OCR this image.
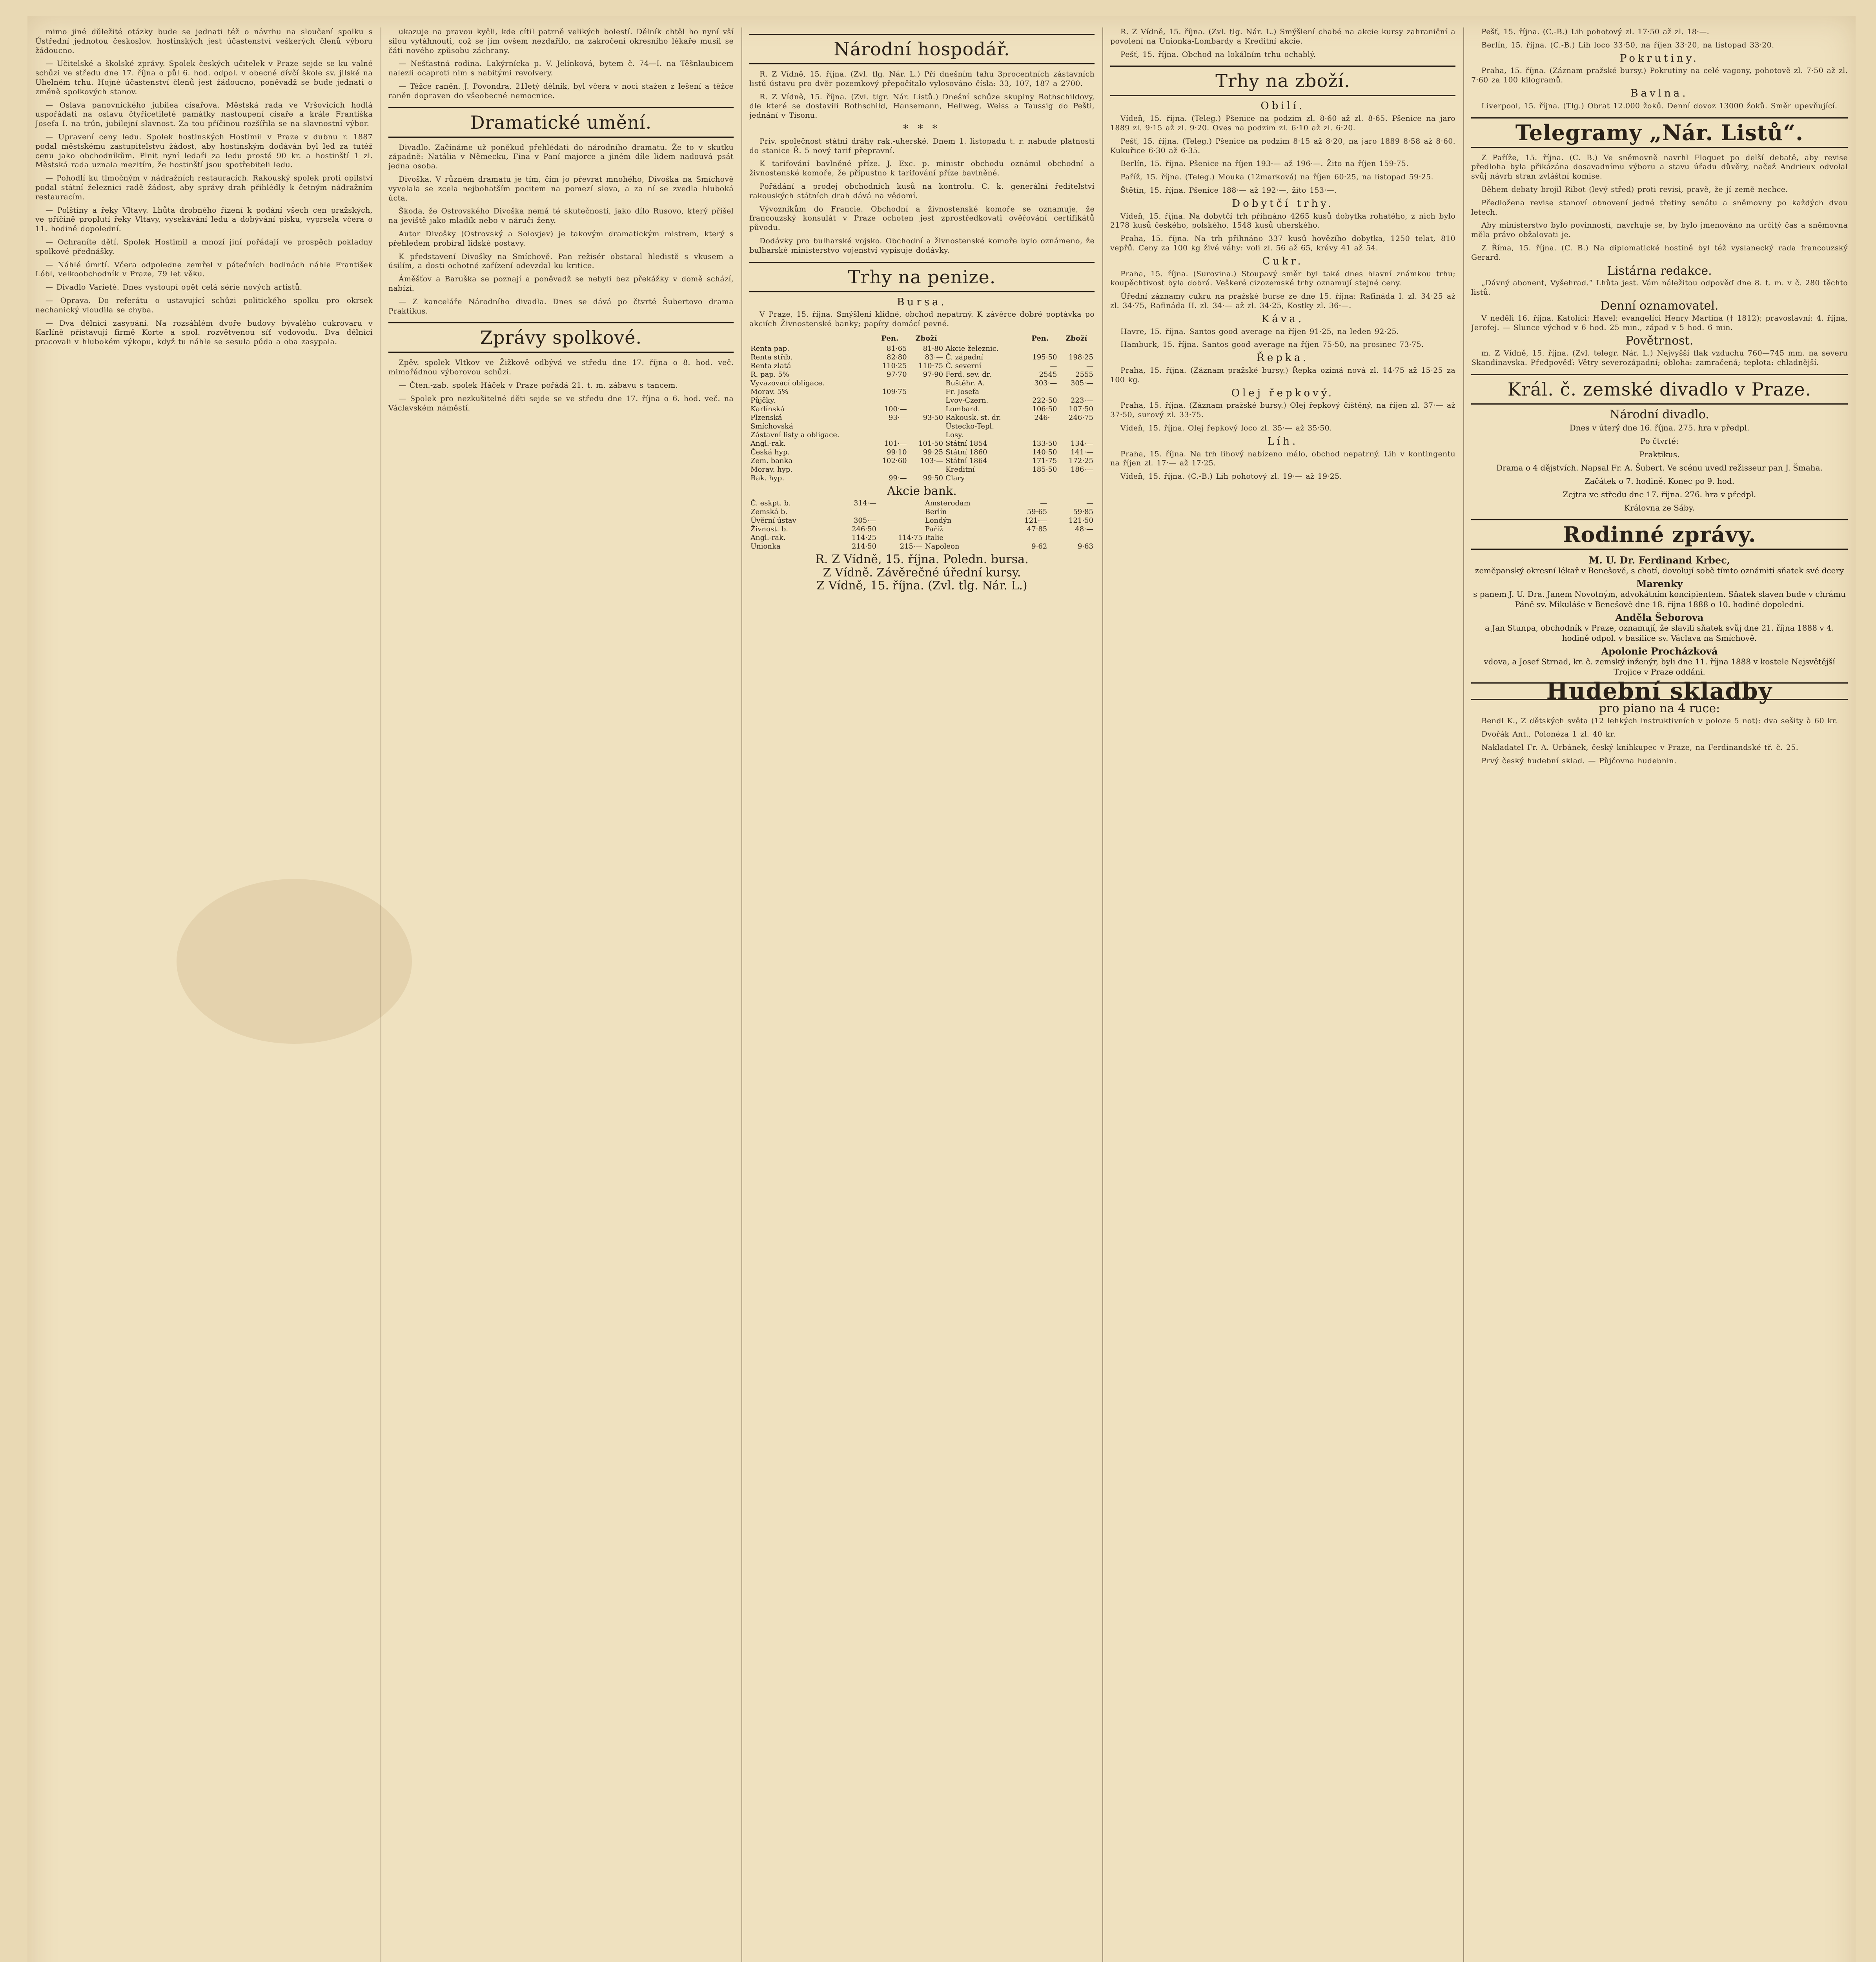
mimo jiné důležité otázky bude se jednati též o návrhu na sloučení spolku s Ústřední jednotou českoslov. hostinských jest účastenství veškerých členů výboru žádoucno.

— Učitelské a školské zprávy. Spolek českých učitelek v Praze sejde se ku valné schůzi ve středu dne 17. října o půl 6. hod. odpol. v obecné dívčí škole sv. jilské na Uhelném trhu. Hojné účastenství členů jest žádoucno, poněvadž se bude jednati o změně spolkových stanov.

— Oslava panovnického jubilea císařova. Městská rada ve Vršovicích hodlá uspořádati na oslavu čtyřicetileté památky nastoupení císaře a krále Františka Josefa I. na trůn, jubilejní slavnost. Za tou příčinou rozšířila se na slavnostní výbor.

— Upravení ceny ledu. Spolek hostinských Hostimil v Praze v dubnu r. 1887 podal městskému zastupitelstvu žádost, aby hostinským dodáván byl led za tutéž cenu jako obchodníkům. Plnit nyní ledaři za ledu prosté 90 kr. a hostinští 1 zl. Městská rada uznala mezitím, že hostinští jsou spotřebiteli ledu.

— Pohodlí ku tlmočným v nádražních restauracích. Rakouský spolek proti opilství podal státní železnici radě žádost, aby správy drah přihlédly k četným nádražním restauracím.

— Polštiny a řeky Vltavy. Lhůta drobného řízení k podání všech cen pražských, ve příčině proplutí řeky Vltavy, vysekávání ledu a dobývání písku, vyprsela včera o 11. hodině dopolední.

— Ochraníte dětí. Spolek Hostimil a mnozí jiní pořádají ve prospěch pokladny spolkové přednášky.

— Náhlé úmrtí. Včera odpoledne zemřel v pátečních hodinách náhle František Lóbl, velkoobchodník v Praze, 79 let věku.

— Divadlo Varieté. Dnes vystoupí opět celá série nových artistů.

— Oprava. Do referátu o ustavující schůzi politického spolku pro okrsek nechanický vloudila se chyba.

— Dva dělníci zasypáni. Na rozsáhlém dvoře budovy bývalého cukrovaru v Karlíně přistavují firmě Korte a spol. rozvětvenou síť vodovodu. Dva dělníci pracovali v hlubokém výkopu, když tu náhle se sesula půda a oba zasypala.

ukazuje na pravou kyčli, kde cítil patrně velikých bolestí. Dělník chtěl ho nyní vší silou vytáhnouti, což se jim ovšem nezdařilo, na zakročení okresního lékaře musil se čáti nového způsobu záchrany.

— Nešťastná rodina. Lakýrnícka p. V. Jelínková, bytem č. 74—I. na Těšnlaubicem nalezli ocaproti nim s nabitými revolvery.

— Těžce raněn. J. Povondra, 21letý dělník, byl včera v noci stažen z lešení a těžce raněn dopraven do všeobecné nemocnice.

Dramatické umění.

Divadlo. Začínáme už poněkud přehlédati do národního dramatu. Že to v skutku západně: Natália v Německu, Fina v Paní majorce a jiném díle lidem nadouvá psát jedna osoba.

Divoška. V různém dramatu je tím, čím jo převrat mnohého, Divoška na Smíchově vyvolala se zcela nejbohatším pocitem na pomezí slova, a za ní se zvedla hluboká úcta.

Škoda, že Ostrovského Divoška nemá té skutečnosti, jako dílo Rusovo, který přišel na jeviště jako mladík nebo v náruči ženy.

Autor Divošky (Ostrovský a Solovjev) je takovým dramatickým mistrem, který s přehledem probíral lidské postavy.

K představení Divošky na Smíchově. Pan režisér obstaral hledistě s vkusem a úsilím, a dosti ochotné zařízení odevzdal ku kritice.

Áměšťov a Baruška se poznají a poněvadž se nebyli bez překážky v domě schází, nabízí.

— Z kanceláře Národního divadla. Dnes se dává po čtvrté Šubertovo drama Praktikus.

Zprávy spolkové.

Zpěv. spolek Vltkov ve Žižkově odbývá ve středu dne 17. října o 8. hod. več. mimořádnou výborovou schůzi.

— Čten.-zab. spolek Háček v Praze pořádá 21. t. m. zábavu s tancem.

— Spolek pro nezkušitelné děti sejde se ve středu dne 17. října o 6. hod. več. na Václavském náměstí.

Národní hospodář.

R. Z Vídně, 15. října. (Zvl. tlg. Nár. L.) Při dnešním tahu 3procentních zástavních listů ústavu pro dvěr pozemkový přepočítalo vylosováno čísla: 33, 107, 187 a 2700.

R. Z Vídně, 15. října. (Zvl. tlgr. Nár. Listů.) Dnešní schůze skupiny Rothschildovy, dle které se dostavili Rothschild, Hansemann, Hellweg, Weiss a Taussig do Pešti, jednání v Tisonu.

* * *

Priv. společnost státní dráhy rak.-uherské. Dnem 1. listopadu t. r. nabude platnosti do stanice Ř. 5 nový tarif přepravní.

K tarifování bavlněné příze. J. Exc. p. ministr obchodu oznámil obchodní a živnostenské komoře, že přípustno k tarifování příze bavlněné.

Pořádání a prodej obchodních kusů na kontrolu. C. k. generální ředitelství rakouských státních drah dává na vědomí.

Vývozníkům do Francie. Obchodní a živnostenské komoře se oznamuje, že francouzský konsulát v Praze ochoten jest zprostředkovati ověřování certifikátů původu.

Dodávky pro bulharské vojsko. Obchodní a živnostenské komoře bylo oznámeno, že bulharské ministerstvo vojenství vypisuje dodávky.

Trhy na penize.
Bursa.

V Praze, 15. října. Smýšlení klidné, obchod nepatrný. K závěrce dobré poptávka po akciích Živnostenské banky; papíry domácí pevné.

	Pen.	Zboží		Pen.	Zboží
Renta pap.	81·65	81·80	Akcie železnic.		
Renta stříb.	82·80	83·—	Č. západní	195·50	198·25
Renta zlatá	110·25	110·75	Č. severní	—	—
R. pap. 5%	97·70	97·90	Ferd. sev. dr.	2545	2555
Vyvazovací obligace.			Buštěhr. A.	303·—	305·—
Morav. 5%	109·75		Fr. Josefa		
Půjčky.			Lvov-Czern.	222·50	223·—
Karlínská	100·—		Lombard.	106·50	107·50
Plzenská	93·—	93·50	Rakousk. st. dr.	246·—	246·75
Smíchovská			Ústecko-Tepl.		
Zástavní listy a obligace.			Losy.		
Angl.-rak.	101·—	101·50	Státní 1854	133·50	134·—
Česká hyp.	99·10	99·25	Státní 1860	140·50	141·—
Zem. banka	102·60	103·—	Státní 1864	171·75	172·25
Morav. hyp.			Kreditní	185·50	186·—
Rak. hyp.	99·—	99·50	Clary		
Akcie bank.
Č. eskpt. b.	314·—		Amsterodam	—	—
Zemská b.			Berlín	59·65	59·85
Úvěrní ústav	305·—		Londýn	121·—	121·50
Živnost. b.	246·50		Paříž	47·85	48·—
Angl.-rak.	114·25	114·75	Italie		
Unionka	214·50	215·—	Napoleon	9·62	9·63
R. Z Vídně, 15. října. Poledn. bursa.
Z Vídně. Závěrečné úřední kursy.
Z Vídně, 15. října. (Zvl. tlg. Nár. L.)

R. Z Vídně, 15. října. (Zvl. tlg. Nár. L.) Smýšlení chabé na akcie kursy zahraniční a povolení na Unionka-Lombardy a Kreditní akcie.

Pešť, 15. října. Obchod na lokálním trhu ochablý.

Trhy na zboží.
Obilí.

Vídeň, 15. října. (Teleg.) Pšenice na podzim zl. 8·60 až zl. 8·65. Pšenice na jaro 1889 zl. 9·15 až zl. 9·20. Oves na podzim zl. 6·10 až zl. 6·20.

Pešť, 15. října. (Teleg.) Pšenice na podzim 8·15 až 8·20, na jaro 1889 8·58 až 8·60. Kukuřice 6·30 až 6·35.

Berlín, 15. října. Pšenice na říjen 193·— až 196·—. Žito na říjen 159·75.

Paříž, 15. října. (Teleg.) Mouka (12marková) na říjen 60·25, na listopad 59·25.

Štětín, 15. října. Pšenice 188·— až 192·—, žito 153·—.

Dobytčí trhy.

Vídeň, 15. října. Na dobytčí trh přihnáno 4265 kusů dobytka rohatého, z nich bylo 2178 kusů českého, polského, 1548 kusů uherského.

Praha, 15. října. Na trh přihnáno 337 kusů hovězího dobytka, 1250 telat, 810 vepřů. Ceny za 100 kg živé váhy: voli zl. 56 až 65, krávy 41 až 54.

Cukr.

Praha, 15. října. (Surovina.) Stoupavý směr byl také dnes hlavní známkou trhu; koupěchtivost byla dobrá. Veškeré cizozemské trhy oznamují stejné ceny.

Úřední záznamy cukru na pražské burse ze dne 15. října: Rafináda I. zl. 34·25 až zl. 34·75, Rafináda II. zl. 34·— až zl. 34·25, Kostky zl. 36·—.

Káva.

Havre, 15. října. Santos good average na říjen 91·25, na leden 92·25.

Hamburk, 15. října. Santos good average na říjen 75·50, na prosinec 73·75.

Řepka.

Praha, 15. října. (Záznam pražské bursy.) Řepka ozimá nová zl. 14·75 až 15·25 za 100 kg.

Olej řepkový.

Praha, 15. října. (Záznam pražské bursy.) Olej řepkový čištěný, na říjen zl. 37·— až 37·50, surový zl. 33·75.

Vídeň, 15. října. Olej řepkový loco zl. 35·— až 35·50.

Líh.

Praha, 15. října. Na trh lihový nabízeno málo, obchod nepatrný. Lih v kontingentu na říjen zl. 17·— až 17·25.

Vídeň, 15. října. (C.-B.) Lih pohotový zl. 19·— až 19·25.

Pešť, 15. října. (C.-B.) Lih pohotový zl. 17·50 až zl. 18·—.

Berlín, 15. října. (C.-B.) Lih loco 33·50, na říjen 33·20, na listopad 33·20.

Pokrutiny.

Praha, 15. října. (Záznam pražské bursy.) Pokrutiny na celé vagony, pohotově zl. 7·50 až zl. 7·60 za 100 kilogramů.

Bavlna.

Liverpool, 15. října. (Tlg.) Obrat 12.000 žoků. Denní dovoz 13000 žoků. Směr upevňující.

Telegramy „Nár. Listů“.

Z Paříže, 15. října. (C. B.) Ve sněmovně navrhl Floquet po delší debatě, aby revise předloha byla přikázána dosavadnímu výboru a stavu úřadu důvěry, načež Andrieux odvolal svůj návrh stran zvláštní komise.

Během debaty brojil Ribot (levý střed) proti revisi, pravě, že jí země nechce.

Předložena revise stanoví obnovení jedné třetiny senátu a sněmovny po každých dvou letech.

Aby ministerstvo bylo povinností, navrhuje se, by bylo jmenováno na určitý čas a sněmovna měla právo obžalovati je.

Z Říma, 15. října. (C. B.) Na diplomatické hostině byl též vyslanecký rada francouzský Gerard.

Listárna redakce.

„Dávný abonent, Vyšehrad.“ Lhůta jest. Vám náležitou odpověď dne 8. t. m. v č. 280 těchto listů.

Denní oznamovatel.

V neděli 16. října. Katolíci: Havel; evangelíci Henry Martina († 1812); pravoslavní: 4. října, Jerofej. — Slunce východ v 6 hod. 25 min., západ v 5 hod. 6 min.

Povětrnost.

m. Z Vídně, 15. října. (Zvl. telegr. Nár. L.) Nejvyšší tlak vzduchu 760—745 mm. na severu Skandinavska. Předpověď: Větry severozápadní; obloha: zamračená; teplota: chladnější.

Král. č. zemské divadlo v Praze.
Národní divadlo.
Dnes v úterý dne 16. října. 275. hra v předpl.
Po čtvrté:
Praktikus.
Drama o 4 dějstvích. Napsal Fr. A. Šubert. Ve scénu uvedl režisseur pan J. Šmaha.
Začátek o 7. hodině. Konec po 9. hod.
Zejtra ve středu dne 17. října. 276. hra v předpl.
Královna ze Sáby.
Rodinné zprávy.
M. U. Dr. Ferdinand Krbec,
zeměpanský okresní lékař v Benešově, s chotí, dovolují sobě tímto oznámiti sňatek své dcery
Marenky
s panem J. U. Dra. Janem Novotným, advokátním koncipientem. Sňatek slaven bude v chrámu Páně sv. Mikuláše v Benešově dne 18. října 1888 o 10. hodině dopolední.
Anděla Šeborova
a Jan Stunpa, obchodník v Praze, oznamují, že slavili sňatek svůj dne 21. října 1888 v 4. hodině odpol. v basilice sv. Václava na Smíchově.
Apolonie Procházková
vdova, a Josef Strnad, kr. č. zemský inženýr, byli dne 11. října 1888 v kostele Nejsvětější Trojice v Praze oddáni.
Hudební skladby
pro piano na 4 ruce:

Bendl K., Z dětských světa (12 lehkých instruktivních v poloze 5 not): dva sešity à 60 kr.

Dvořák Ant., Polonéza 1 zl. 40 kr.

Nakladatel Fr. A. Urbánek, český knihkupec v Praze, na Ferdinandské tř. č. 25.

Prvý český hudební sklad. — Půjčovna hudebnin.
